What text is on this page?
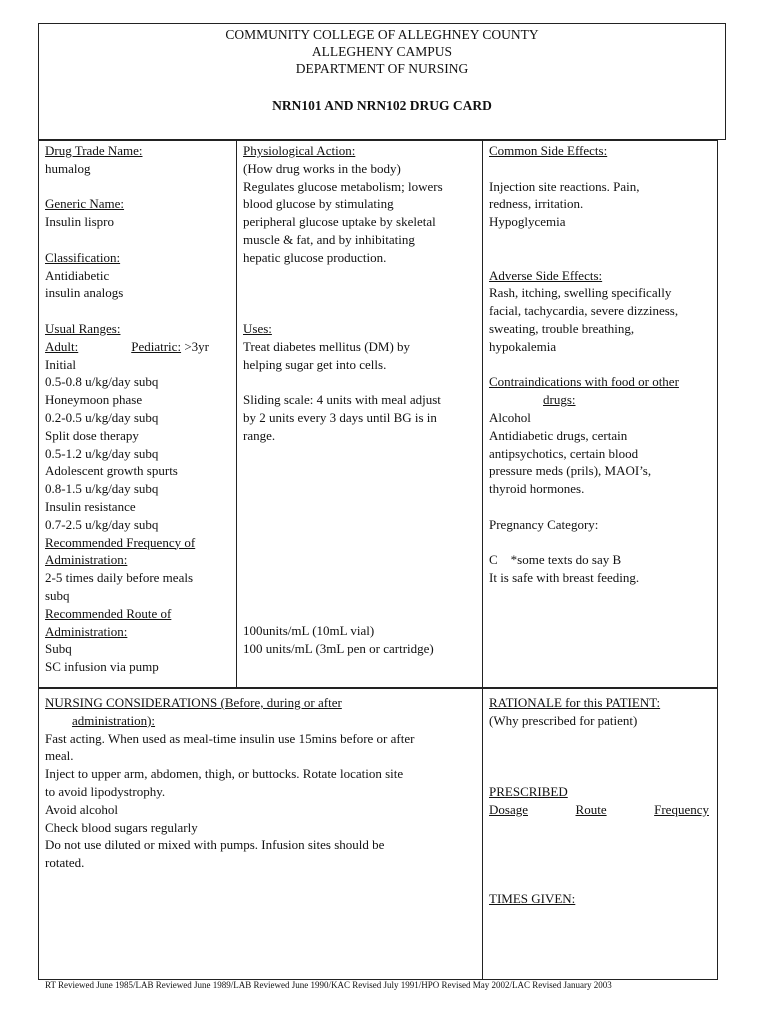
COMMUNITY COLLEGE OF ALLEGHNEY COUNTY
ALLEGHENY CAMPUS
DEPARTMENT OF NURSING
NRN101 AND NRN102 DRUG CARD
Drug Trade Name:
humalog
Generic Name:
Insulin lispro
Classification:
Antidiabetic
insulin analogs
Usual Ranges:
Adult:	Pediatric: >3yr
Initial
0.5-0.8 u/kg/day subq
Honeymoon phase
0.2-0.5 u/kg/day subq
Split dose therapy
0.5-1.2 u/kg/day subq
Adolescent growth spurts
0.8-1.5 u/kg/day subq
Insulin resistance
0.7-2.5 u/kg/day subq
Recommended Frequency of
Administration:
2-5 times daily before meals
subq
Recommended Route of
Administration:
Subq
SC infusion via pump
Physiological Action:
(How drug works in the body)
Regulates glucose metabolism; lowers
blood glucose by stimulating
peripheral glucose uptake by skeletal
muscle & fat, and by inhibitating
hepatic glucose production.
Uses:
Treat diabetes mellitus (DM) by
helping sugar get into cells.
Sliding scale: 4 units with meal adjust
by 2 units every 3 days until BG is in
range.
100units/mL (10mL vial)
100 units/mL (3mL pen or cartridge)
Common Side Effects:
Injection site reactions. Pain,
redness, irritation.
Hypoglycemia
Adverse Side Effects:
Rash, itching, swelling specifically
facial, tachycardia, severe dizziness,
sweating, trouble breathing,
hypokalemia
Contraindications with food or other
drugs:
Alcohol
Antidiabetic drugs, certain
antipsychotics, certain blood
pressure meds (prils), MAOI’s,
thyroid hormones.
Pregnancy Category:
C    *some texts do say B
It is safe with breast feeding.
NURSING CONSIDERATIONS (Before, during or after
administration):
Fast acting. When used as meal-time insulin use 15mins before or after
meal.
Inject to upper arm, abdomen, thigh, or buttocks. Rotate location site
to avoid lipodystrophy.
Avoid alcohol
Check blood sugars regularly
Do not use diluted or mixed with pumps. Infusion sites should be
rotated.
RATIONALE for this PATIENT:
(Why prescribed for patient)
PRESCRIBED
Dosage	Route	Frequency
TIMES GIVEN:
RT Reviewed June 1985/LAB Reviewed June 1989/LAB Reviewed June 1990/KAC Revised July 1991/HPO Revised May 2002/LAC Revised January 2003
